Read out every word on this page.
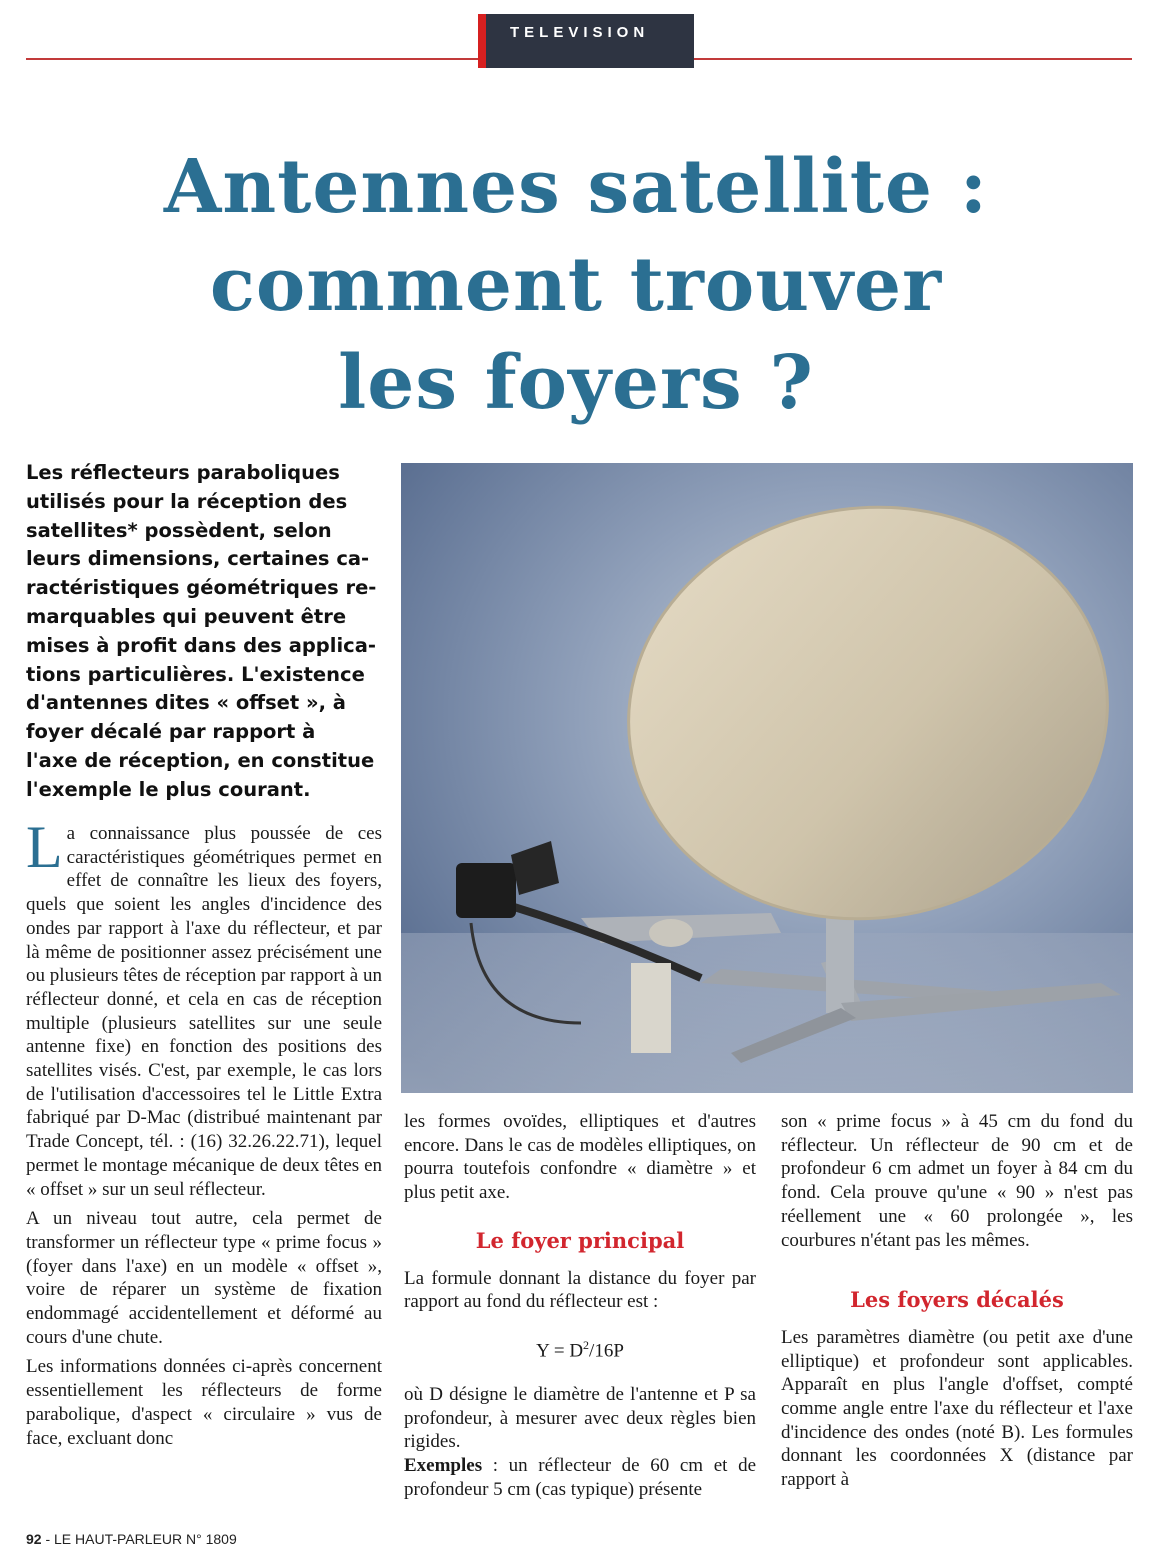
TELEVISION
Antennes satellite :
comment trouver
les foyers ?
Les réflecteurs paraboliques
utilisés pour la réception des
satellites* possèdent, selon
leurs dimensions, certaines ca-
ractéristiques géométriques re-
marquables qui peuvent être
mises à profit dans des applica-
tions particulières. L'existence
d'antennes dites « offset », à
foyer décalé par rapport à
l'axe de réception, en constitue
l'exemple le plus courant.

La connaissance plus poussée de ces caractéristiques géométriques permet en effet de connaître les lieux des foyers, quels que soient les angles d'incidence des ondes par rapport à l'axe du réflecteur, et par là même de positionner assez précisément une ou plusieurs têtes de réception par rapport à un réflecteur donné, et cela en cas de réception multiple (plusieurs satellites sur une seule antenne fixe) en fonction des positions des satellites visés. C'est, par exemple, le cas lors de l'utilisation d'accessoires tel le Little Extra fabriqué par D-Mac (distribué maintenant par Trade Concept, tél. : (16) 32.26.22.71), lequel permet le montage mécanique de deux têtes en « offset » sur un seul réflecteur.

A un niveau tout autre, cela permet de transformer un réflecteur type « prime focus » (foyer dans l'axe) en un modèle « offset », voire de réparer un système de fixation endommagé accidentellement et déformé au cours d'une chute.

Les informations données ci-après concernent essentiellement les réflecteurs de forme parabolique, d'aspect « circulaire » vus de face, excluant donc

les formes ovoïdes, elliptiques et d'autres encore. Dans le cas de modèles elliptiques, on pourra toutefois confondre « diamètre » et plus petit axe.

Le foyer principal

La formule donnant la distance du foyer par rapport au fond du réflecteur est :

$Y = D^2/16P$

où D désigne le diamètre de l'antenne et P sa profondeur, à mesurer avec deux règles bien rigides.

Exemples : un réflecteur de 60 cm et de profondeur 5 cm (cas typique) présente

son « prime focus » à 45 cm du fond du réflecteur. Un réflecteur de 90 cm et de profondeur 6 cm admet un foyer à 84 cm du fond. Cela prouve qu'une « 90 » n'est pas réellement une « 60 prolongée », les courbures n'étant pas les mêmes.

Les foyers décalés

Les paramètres diamètre (ou petit axe d'une elliptique) et profondeur sont applicables. Apparaît en plus l'angle d'offset, compté comme angle entre l'axe du réflecteur et l'axe d'incidence des ondes (noté B). Les formules donnant les coordonnées X (distance par rapport à

92 - LE HAUT-PARLEUR N° 1809
